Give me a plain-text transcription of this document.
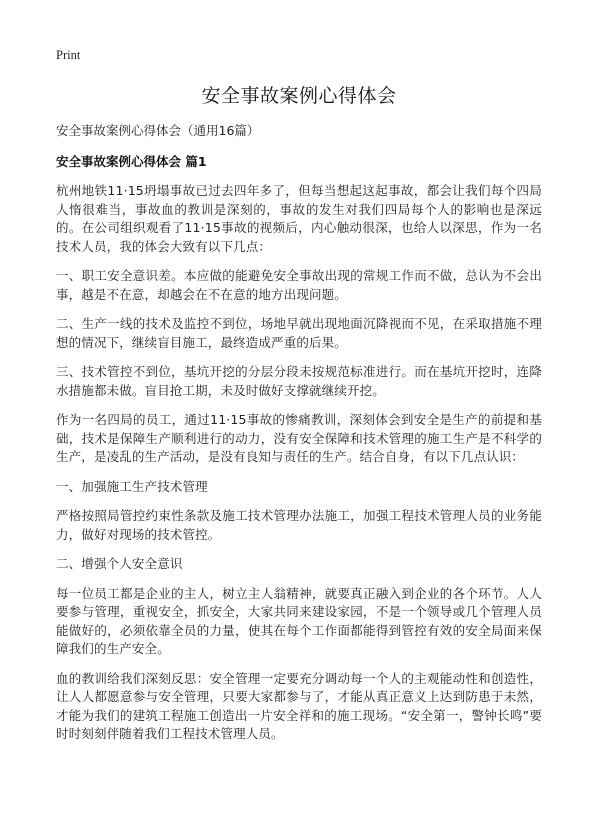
Print
安全事故案例心得体会

安全事故案例心得体会（通用16篇）

安全事故案例心得体会 篇1

杭州地铁11·15坍塌事故已过去四年多了，但每当想起这起事故，都会让我们每个四局人惰很难当，事故血的教训是深刻的，事故的发生对我们四局每个人的影响也是深远的。在公司组织观看了11·15事故的视频后，内心触动很深，也给人以深思，作为一名技术人员，我的体会大致有以下几点：

一、职工安全意识差。本应做的能避免安全事故出现的常规工作而不做，总认为不会出事，越是不在意，却越会在不在意的地方出现问题。

二、生产一线的技术及监控不到位，场地早就出现地面沉降视而不见，在采取措施不理想的情况下，继续盲目施工，最终造成严重的后果。

三、技术管控不到位，基坑开挖的分层分段未按规范标准进行。而在基坑开挖时，连降水措施都未做。盲目抢工期，未及时做好支撑就继续开挖。

作为一名四局的员工，通过11·15事故的惨痛教训，深刻体会到安全是生产的前提和基础，技术是保障生产顺利进行的动力，没有安全保障和技术管理的施工生产是不科学的生产，是凌乱的生产活动，是没有良知与责任的生产。结合自身，有以下几点认识：

一、加强施工生产技术管理

严格按照局管控约束性条款及施工技术管理办法施工，加强工程技术管理人员的业务能力，做好对现场的技术管控。

二、增强个人安全意识

每一位员工都是企业的主人，树立主人翁精神，就要真正融入到企业的各个环节。人人要参与管理，重视安全，抓安全，大家共同来建设家园，不是一个领导或几个管理人员能做好的，必须依靠全员的力量，使其在每个工作面都能得到管控有效的安全局面来保障我们的生产安全。

血的教训给我们深刻反思：安全管理一定要充分调动每一个人的主观能动性和创造性，让人人都愿意参与安全管理，只要大家都参与了，才能从真正意义上达到防患于未然，才能为我们的建筑工程施工创造出一片安全祥和的施工现场。“安全第一，警钟长鸣”要时时刻刻伴随着我们工程技术管理人员。
